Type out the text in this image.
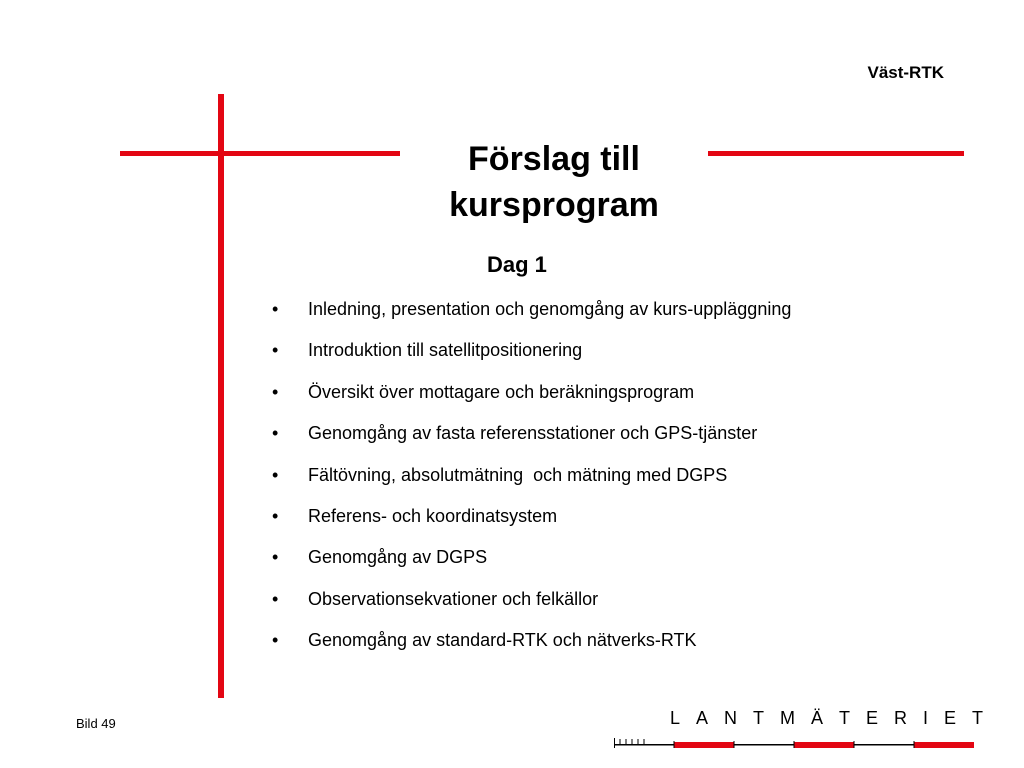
Väst-RTK
Förslag till
kursprogram
Dag 1
•	Inledning, presentation och genomgång av kurs-uppläggning
•	Introduktion till satellitpositionering
•	Översikt över mottagare och beräkningsprogram
•	Genomgång av fasta referensstationer och GPS-tjänster
•	Fältövning, absolutmätning  och mätning med DGPS
•	Referens- och koordinatsystem
•	Genomgång av DGPS
•	Observationsekvationer och felkällor
•	Genomgång av standard-RTK och nätverks-RTK
Bild 49	LANTMÄTERIET
